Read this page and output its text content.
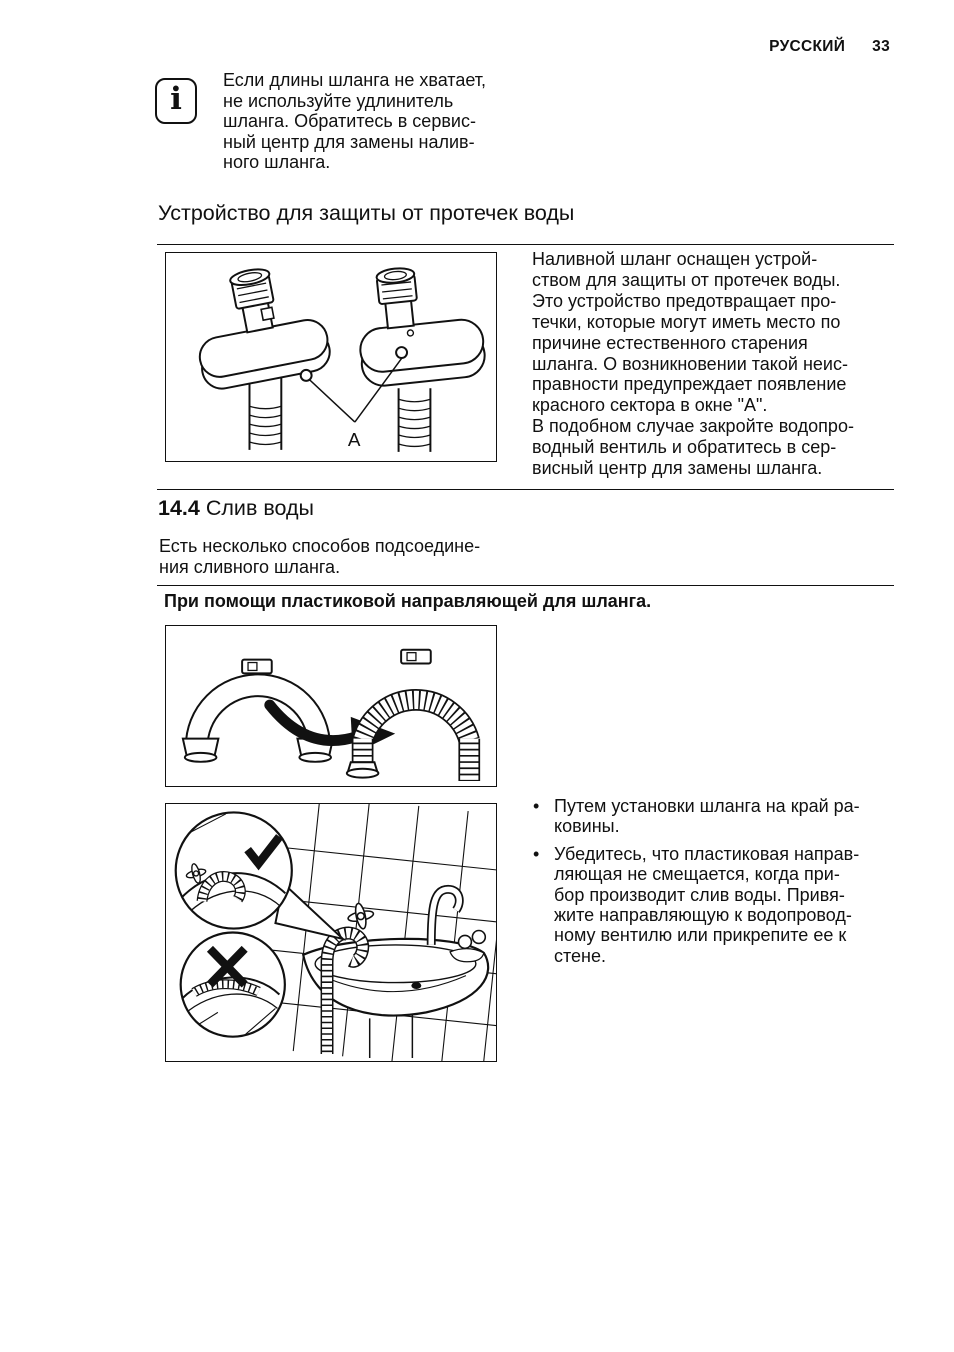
РУССКИЙ 33
i
Если длины шланга не хватает,
не используйте удлинитель
шланга. Обратитесь в сервис-
ный центр для замены налив-
ного шланга.
Устройство для защиты от протечек воды
A
Наливной шланг оснащен устрой-
ством для защиты от протечек воды.
Это устройство предотвращает про-
течки, которые могут иметь место по
причине естественного старения
шланга. О возникновении такой неис-
правности предупреждает появление
красного сектора в окне "А".
В подобном случае закройте водопро-
водный вентиль и обратитесь в сер-
висный центр для замены шланга.
14.4 Слив воды
Есть несколько способов подсоедине-
ния сливного шланга.

При помощи пластиковой направляющей для шланга.

• Путем установки шланга на край ра-
ковины.
• Убедитесь, что пластиковая направ-
ляющая не смещается, когда при-
бор производит слив воды. Привя-
жите направляющую к водопровод-
ному вентилю или прикрепите ее к
стене.
